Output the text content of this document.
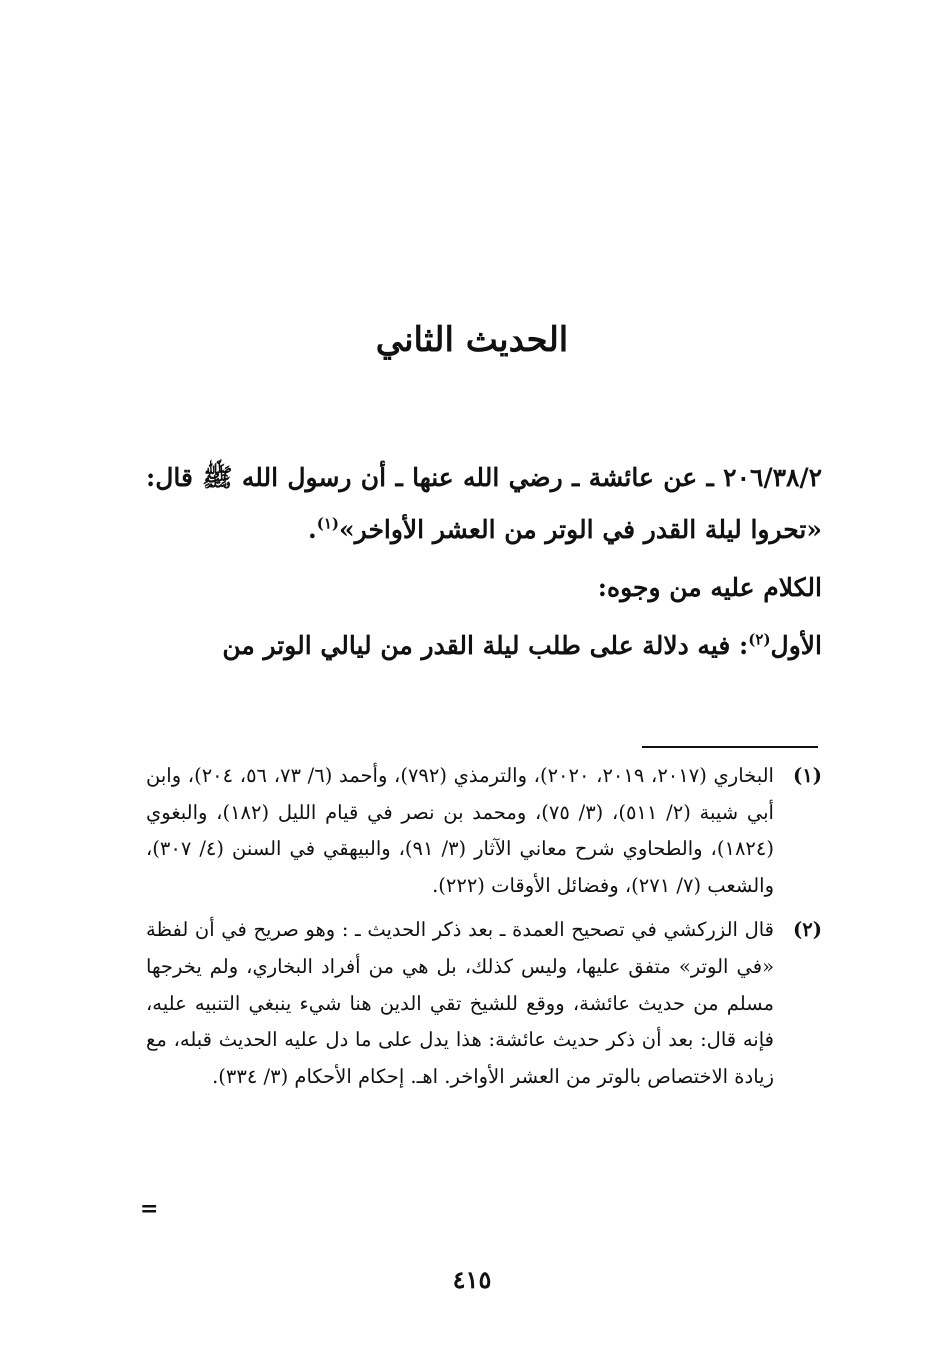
الحديث الثاني

٢٠٦/٣٨/٢ ـ عن عائشة ـ رضي الله عنها ـ أن رسول الله ﷺ قال: «تحروا ليلة القدر في الوتر من العشر الأواخر»$^{(١)}$.

الكلام عليه من وجوه:

الأول$^{(٢)}$: فيه دلالة على طلب ليلة القدر من ليالي الوتر من

(١)

البخاري (٢٠١٧، ٢٠١٩، ٢٠٢٠)، والترمذي (٧٩٢)، وأحمد (٦/ ٧٣، ٥٦، ٢٠٤)، وابن أبي شيبة (٢/ ٥١١)، (٣/ ٧٥)، ومحمد بن نصر في قيام الليل (١٨٢)، والبغوي (١٨٢٤)، والطحاوي شرح معاني الآثار (٣/ ٩١)، والبيهقي في السنن (٤/ ٣٠٧)، والشعب (٧/ ٢٧١)، وفضائل الأوقات (٢٢٢).

(٢)

قال الزركشي في تصحيح العمدة ـ بعد ذكر الحديث ـ : وهو صريح في أن لفظة «في الوتر» متفق عليها، وليس كذلك، بل هي من أفراد البخاري، ولم يخرجها مسلم من حديث عائشة، ووقع للشيخ تقي الدين هنا شيء ينبغي التنبيه عليه، فإنه قال: بعد أن ذكر حديث عائشة: هذا يدل على ما دل عليه الحديث قبله، مع زيادة الاختصاص بالوتر من العشر الأواخر. اهـ. إحكام الأحكام (٣/ ٣٣٤).

=
٤١٥
